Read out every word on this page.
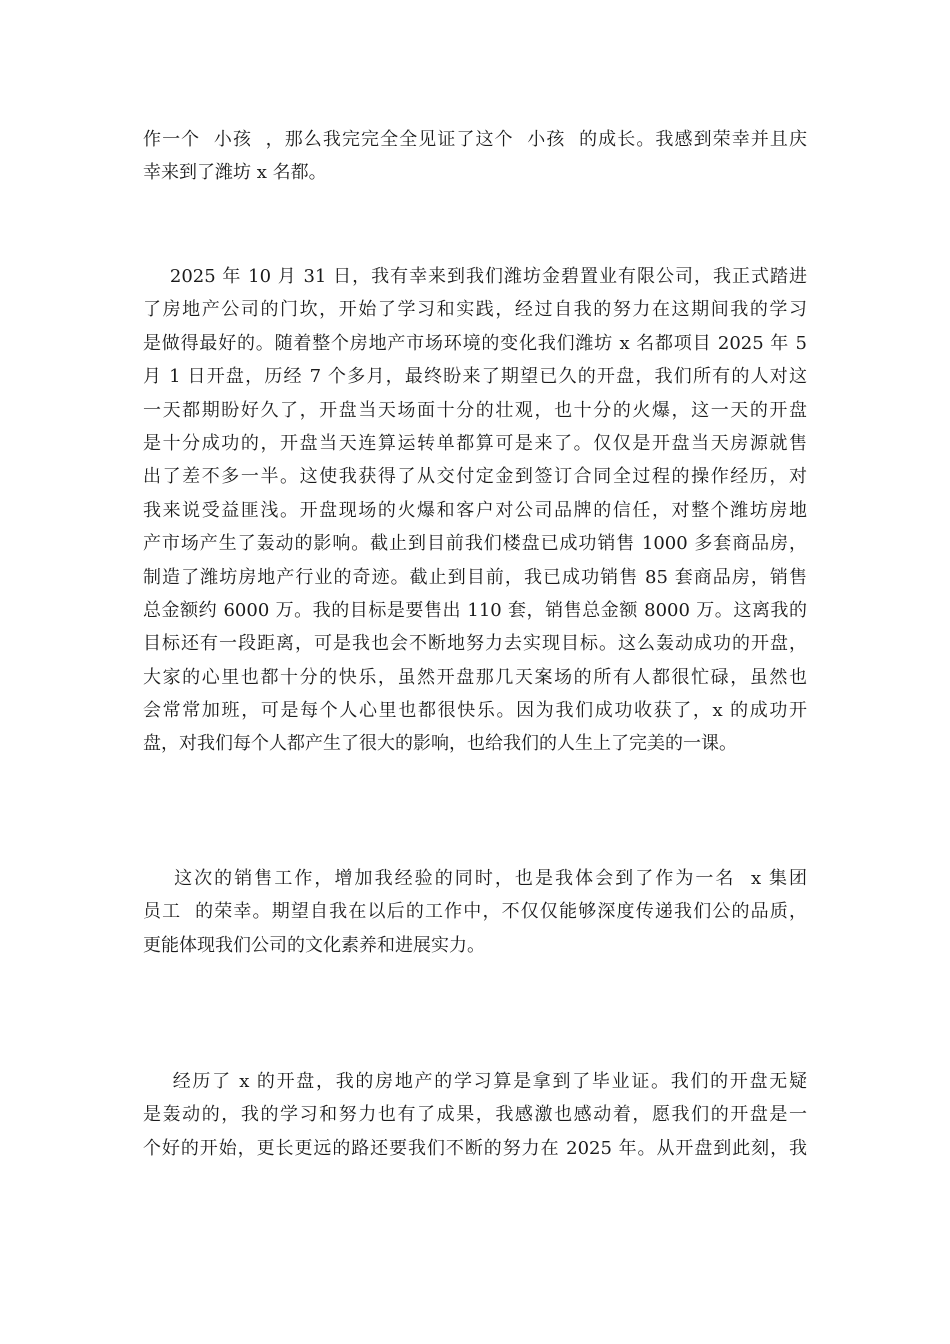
作一个  小孩  ，那么我完完全全见证了这个  小孩  的成长。我感到荣幸并且庆
幸来到了潍坊 x 名都。
2025 年 10 月 31 日，我有幸来到我们潍坊金碧置业有限公司，我正式踏进
了房地产公司的门坎，开始了学习和实践，经过自我的努力在这期间我的学习
是做得最好的。随着整个房地产市场环境的变化我们潍坊 x 名都项目 2025 年 5
月 1 日开盘，历经 7 个多月，最终盼来了期望已久的开盘，我们所有的人对这
一天都期盼好久了，开盘当天场面十分的壮观，也十分的火爆，这一天的开盘
是十分成功的，开盘当天连算运转单都算可是来了。仅仅是开盘当天房源就售
出了差不多一半。这使我获得了从交付定金到签订合同全过程的操作经历，对
我来说受益匪浅。开盘现场的火爆和客户对公司品牌的信任，对整个潍坊房地
产市场产生了轰动的影响。截止到目前我们楼盘已成功销售 1000 多套商品房，
制造了潍坊房地产行业的奇迹。截止到目前，我已成功销售 85 套商品房，销售
总金额约 6000 万。我的目标是要售出 110 套，销售总金额 8000 万。这离我的
目标还有一段距离，可是我也会不断地努力去实现目标。这么轰动成功的开盘，
大家的心里也都十分的快乐，虽然开盘那几天案场的所有人都很忙碌，虽然也
会常常加班，可是每个人心里也都很快乐。因为我们成功收获了，x 的成功开
盘，对我们每个人都产生了很大的影响，也给我们的人生上了完美的一课。
这次的销售工作，增加我经验的同时，也是我体会到了作为一名  x 集团
员工  的荣幸。期望自我在以后的工作中，不仅仅能够深度传递我们公的品质，
更能体现我们公司的文化素养和进展实力。
经历了 x 的开盘，我的房地产的学习算是拿到了毕业证。我们的开盘无疑
是轰动的，我的学习和努力也有了成果，我感激也感动着，愿我们的开盘是一
个好的开始，更长更远的路还要我们不断的努力在 2025 年。从开盘到此刻，我
